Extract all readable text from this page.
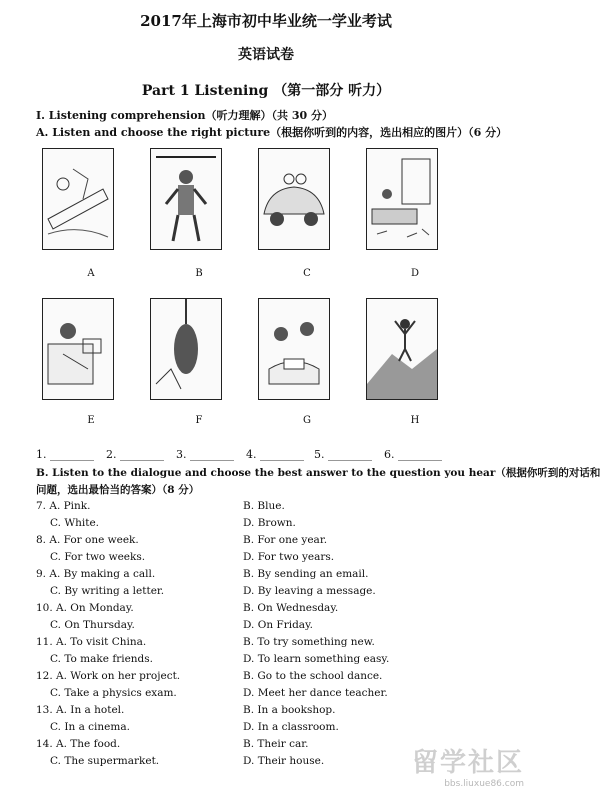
2017年上海市初中毕业统一学业考试
英语试卷
Part 1 Listening （第一部分 听力）
I. Listening comprehension（听力理解）（共 30 分）
A. Listen and choose the right picture（根据你听到的内容，选出相应的图片）（6 分）
A	B	C	D
E	F	G	H
1. ________ 2. ________ 3. ________ 4. ________ 5. ________ 6. ________
B. Listen to the dialogue and choose the best answer to the question you hear（根据你听到的对话和
问题，选出最恰当的答案）（8 分）
7. A. Pink.	B. Blue.
C. White.	D. Brown.
8. A. For one week.	B. For one year.
C. For two weeks.	D. For two years.
9. A. By making a call.	B. By sending an email.
C. By writing a letter.	D. By leaving a message.
10. A. On Monday.	B. On Wednesday.
C. On Thursday.	D. On Friday.
11. A. To visit China.	B. To try something new.
C. To make friends.	D. To learn something easy.
12. A. Work on her project.	B. Go to the school dance.
C. Take a physics exam.	D. Meet her dance teacher.
13. A. In a hotel.	B. In a bookshop.
C. In a cinema.	D. In a classroom.
14. A. The food.	B. Their car.
C. The supermarket.	D. Their house.	留学社区
bbs.liuxue86.com
